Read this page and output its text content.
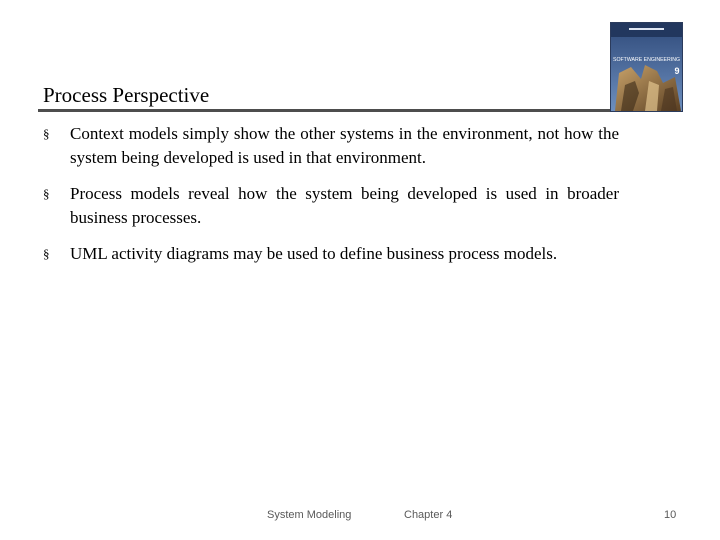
Process Perspective
SOFTWARE ENGINEERING
9
§ Context models simply show the other systems in the environment, not how the system being developed is used in that environment.
§ Process models reveal how the system being developed is used in broader business processes.
§ UML activity diagrams may be used to define business process models.
System Modeling	Chapter 4	10
